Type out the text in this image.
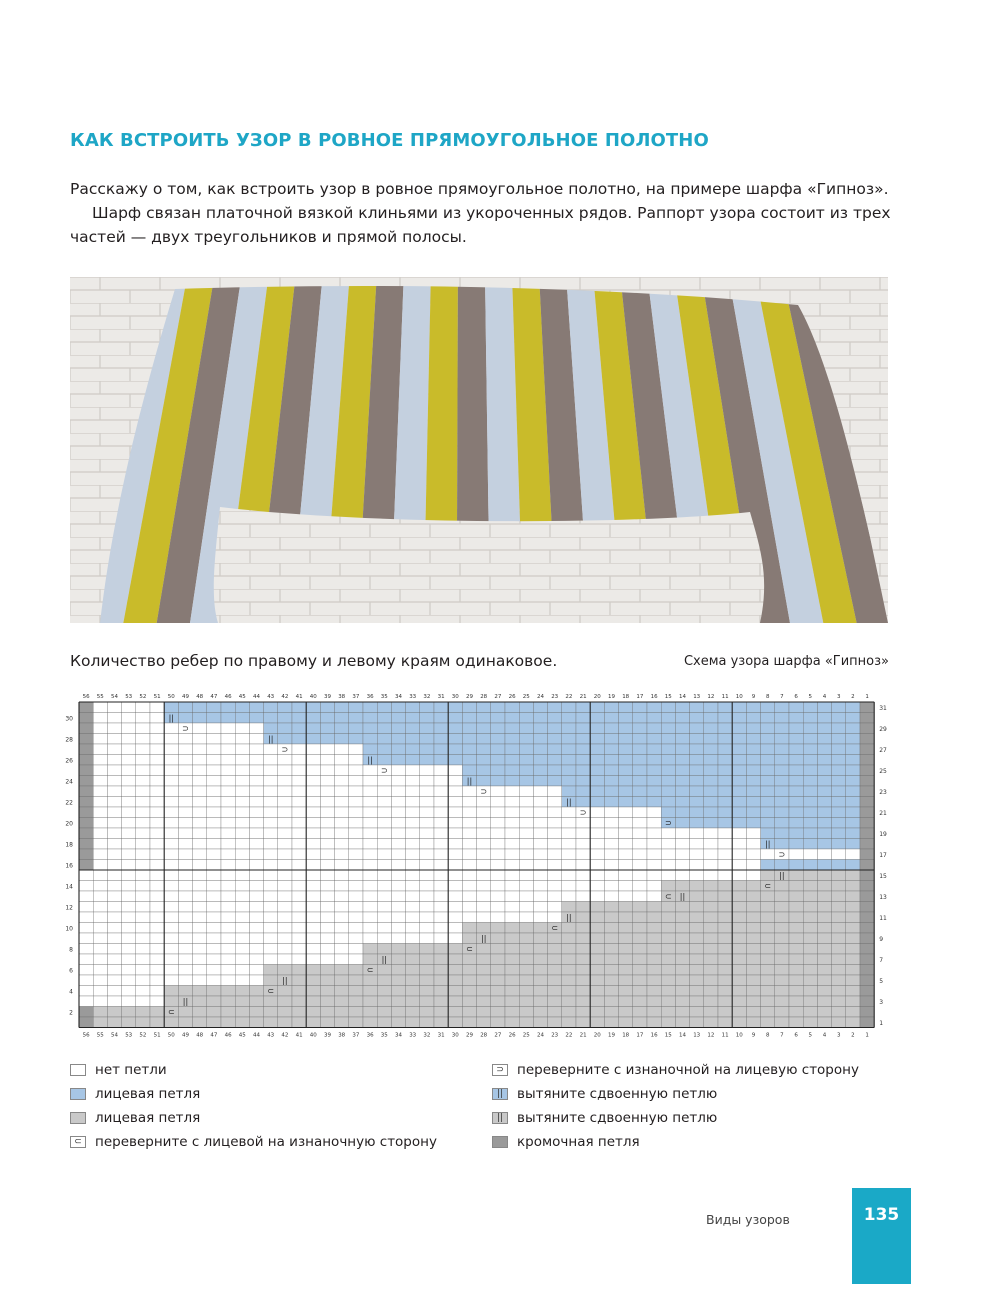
КАК ВСТРОИТЬ УЗОР В РОВНОЕ ПРЯМОУГОЛЬНОЕ ПОЛОТНО

Расскажу о том, как встроить узор в ровное прямоугольное полотно, на примере шарфа «Гипноз».

Шарф связан платочной вязкой клиньями из укороченных рядов. Раппорт узора состоит из трех частей — двух треугольников и прямой полосы.

Количество ребер по правому и левому краям одинаковое.	Схема узора шарфа «Гипноз»

||
⊃
||
⊃
||
⊃
||
⊃
||
⊃
⊃
||
⊃
||
⊂
||
⊂
||
⊂
||
⊂
||
⊂
||
⊂
||
⊂
56
56
55
55
54
54
53
53
52
52
51
51
50
50
49
49
48
48
47
47
46
46
45
45
44
44
43
43
42
42
41
41
40
40
39
39
38
38
37
37
36
36
35
35
34
34
33
33
32
32
31
31
30
30
29
29
28
28
27
27
26
26
25
25
24
24
23
23
22
22
21
21
20
20
19
19
18
18
17
17
16
16
15
15
14
14
13
13
12
12
11
11
10
10
9
9
8
8
7
7
6
6
5
5
4
4
3
3
2
2
1
1
30
28
26
24
22
20
18
16
14
12
10
8
6
4
2
31
29
27
25
23
21
19
17
15
13
11
9
7
5
3
1
нет петли
лицевая петля
лицевая петля
⊂ переверните с лицевой на изнаночную сторону
⊃ переверните с изнаночной на лицевую сторону
||	вытяните сдвоенную петлю
||	вытяните сдвоенную петлю
кромочная петля
Виды узоров	135
